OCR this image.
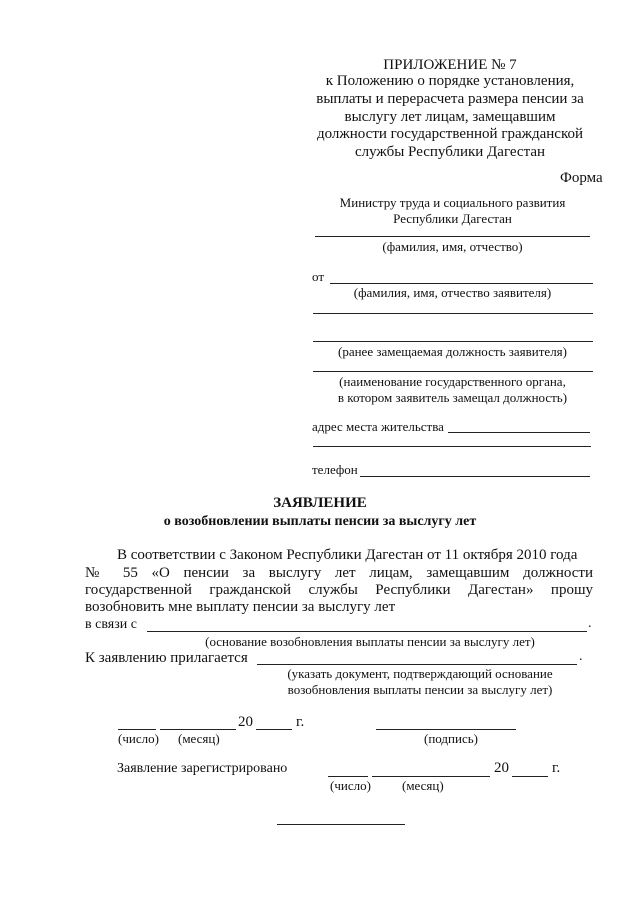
ПРИЛОЖЕНИЕ № 7
к Положению о порядке установления,
выплаты и перерасчета размера пенсии за
выслугу лет лицам, замещавшим
должности государственной гражданской
службы Республики Дагестан
Форма
Министру труда и социального развития
Республики Дагестан
(фамилия, имя, отчество)
от
(фамилия, имя, отчество заявителя)
(ранее замещаемая должность заявителя)
(наименование государственного органа,
в котором заявитель замещал должность)
адрес места жительства
телефон
ЗАЯВЛЕНИЕ
о возобновлении выплаты пенсии за выслугу лет
В соответствии с Законом Республики Дагестан от 11 октября 2010 года
№ 55 «О пенсии за выслугу лет лицам, замещавшим должности
государственной гражданской службы Республики Дагестан» прошу
возобновить мне выплату пенсии за выслугу лет
в связи с	.
(основание возобновления выплаты пенсии за выслугу лет)
К заявлению прилагается	.
(указать документ, подтверждающий основание
возобновления выплаты пенсии за выслугу лет)
20	г.
(число) (месяц)	(подпись)
Заявление зарегистрировано	20	г.
(число) (месяц)
